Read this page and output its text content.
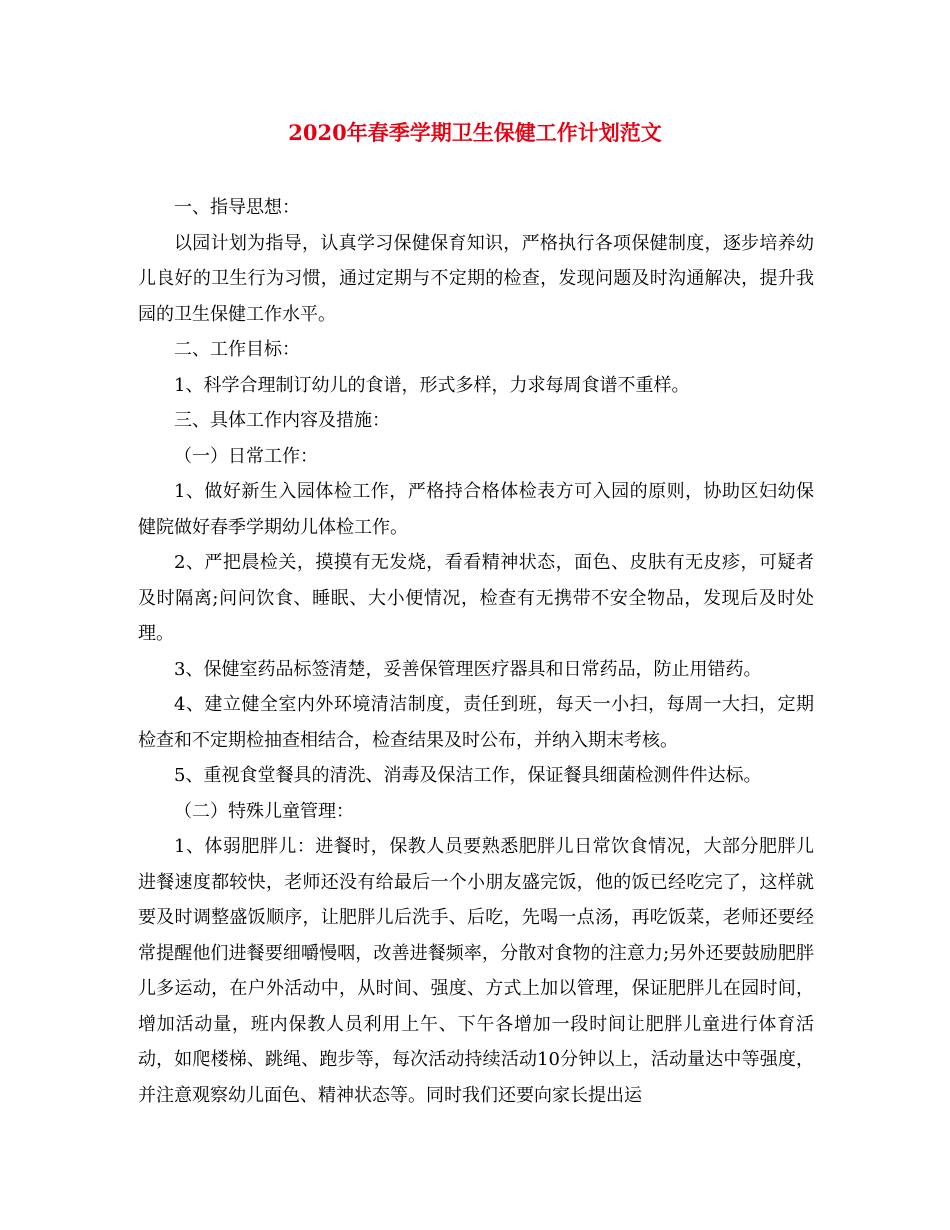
2020年春季学期卫生保健工作计划范文

一、指导思想：

以园计划为指导，认真学习保健保育知识，严格执行各项保健制度，逐步培养幼儿良好的卫生行为习惯，通过定期与不定期的检查，发现问题及时沟通解决，提升我园的卫生保健工作水平。

二、工作目标：

1、科学合理制订幼儿的食谱，形式多样，力求每周食谱不重样。

三、具体工作内容及措施：

（一）日常工作：

1、做好新生入园体检工作，严格持合格体检表方可入园的原则，协助区妇幼保健院做好春季学期幼儿体检工作。

2、严把晨检关，摸摸有无发烧，看看精神状态，面色、皮肤有无皮疹，可疑者及时隔离;问问饮食、睡眠、大小便情况，检查有无携带不安全物品，发现后及时处理。

3、保健室药品标签清楚，妥善保管理医疗器具和日常药品，防止用错药。

4、建立健全室内外环境清洁制度，责任到班，每天一小扫，每周一大扫，定期检查和不定期检抽查相结合，检查结果及时公布，并纳入期末考核。

5、重视食堂餐具的清洗、消毒及保洁工作，保证餐具细菌检测件件达标。

（二）特殊儿童管理：

1、体弱肥胖儿：进餐时，保教人员要熟悉肥胖儿日常饮食情况，大部分肥胖儿进餐速度都较快，老师还没有给最后一个小朋友盛完饭，他的饭已经吃完了，这样就要及时调整盛饭顺序，让肥胖儿后洗手、后吃，先喝一点汤，再吃饭菜，老师还要经常提醒他们进餐要细嚼慢咽，改善进餐频率，分散对食物的注意力;另外还要鼓励肥胖儿多运动，在户外活动中，从时间、强度、方式上加以管理，保证肥胖儿在园时间，增加活动量，班内保教人员利用上午、下午各增加一段时间让肥胖儿童进行体育活动，如爬楼梯、跳绳、跑步等，每次活动持续活动10分钟以上，活动量达中等强度，并注意观察幼儿面色、精神状态等。同时我们还要向家长提出运
